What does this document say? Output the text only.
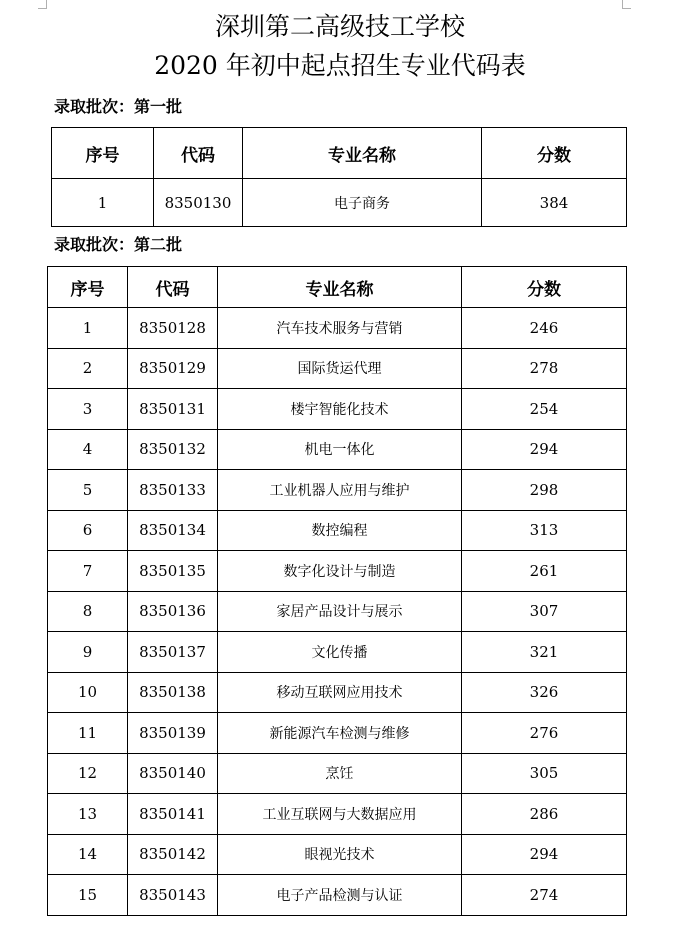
深圳第二高级技工学校
2020 年初中起点招生专业代码表
录取批次：第一批
序号	代码	专业名称	分数
1	8350130	电子商务	384
录取批次：第二批
序号	代码	专业名称	分数
1	8350128	汽车技术服务与营销	246
2	8350129	国际货运代理	278
3	8350131	楼宇智能化技术	254
4	8350132	机电一体化	294
5	8350133	工业机器人应用与维护	298
6	8350134	数控编程	313
7	8350135	数字化设计与制造	261
8	8350136	家居产品设计与展示	307
9	8350137	文化传播	321
10	8350138	移动互联网应用技术	326
11	8350139	新能源汽车检测与维修	276
12	8350140	烹饪	305
13	8350141	工业互联网与大数据应用	286
14	8350142	眼视光技术	294
15	8350143	电子产品检测与认证	274
